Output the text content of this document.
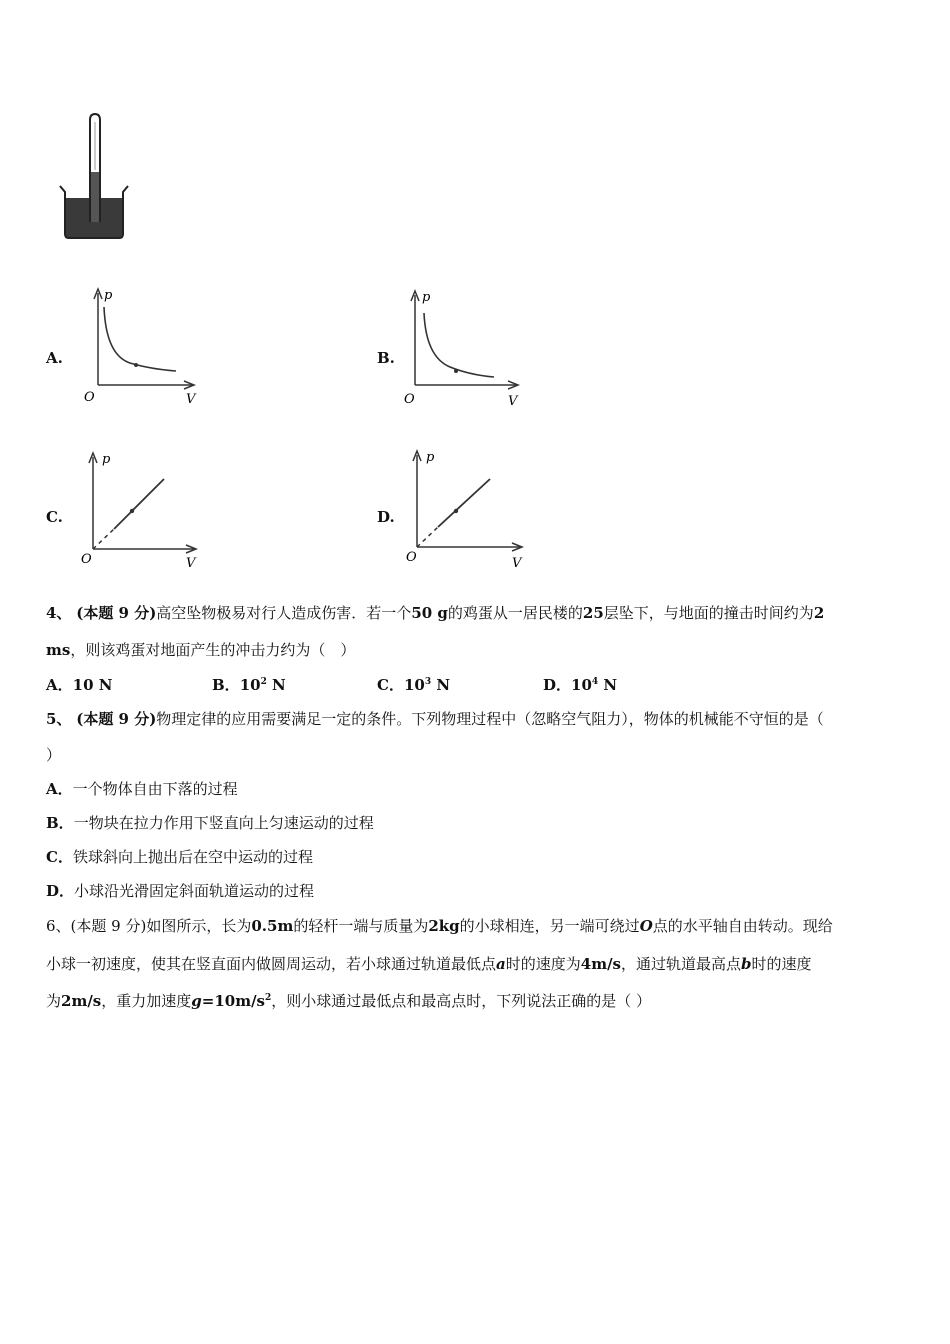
A.
p
V
O
B.
p
V
O
C.
p
V
O
D.
p
V
O
4、 (本题 9 分)高空坠物极易对行人造成伤害．若一个50 g的鸡蛋从一居民楼的25层坠下，与地面的撞击时间约为2
ms，则该鸡蛋对地面产生的冲击力约为（　）
A．10 N	B．$10^2$ N	C．$10^3$ N	D．$10^4$ N
5、 (本题 9 分)物理定律的应用需要满足一定的条件。下列物理过程中（忽略空气阻力），物体的机械能不守恒的是（
）
A．一个物体自由下落的过程
B．一物块在拉力作用下竖直向上匀速运动的过程
C．铁球斜向上抛出后在空中运动的过程
D．小球沿光滑固定斜面轨道运动的过程
6、(本题 9 分)如图所示，长为0.5m的轻杆一端与质量为2kg的小球相连，另一端可绕过O点的水平轴自由转动。现给
小球一初速度，使其在竖直面内做圆周运动，若小球通过轨道最低点a时的速度为4m/s，通过轨道最高点b时的速度
为2m/s，重力加速度$g=10m/s^2$，则小球通过最低点和最高点时，下列说法正确的是（ ）
